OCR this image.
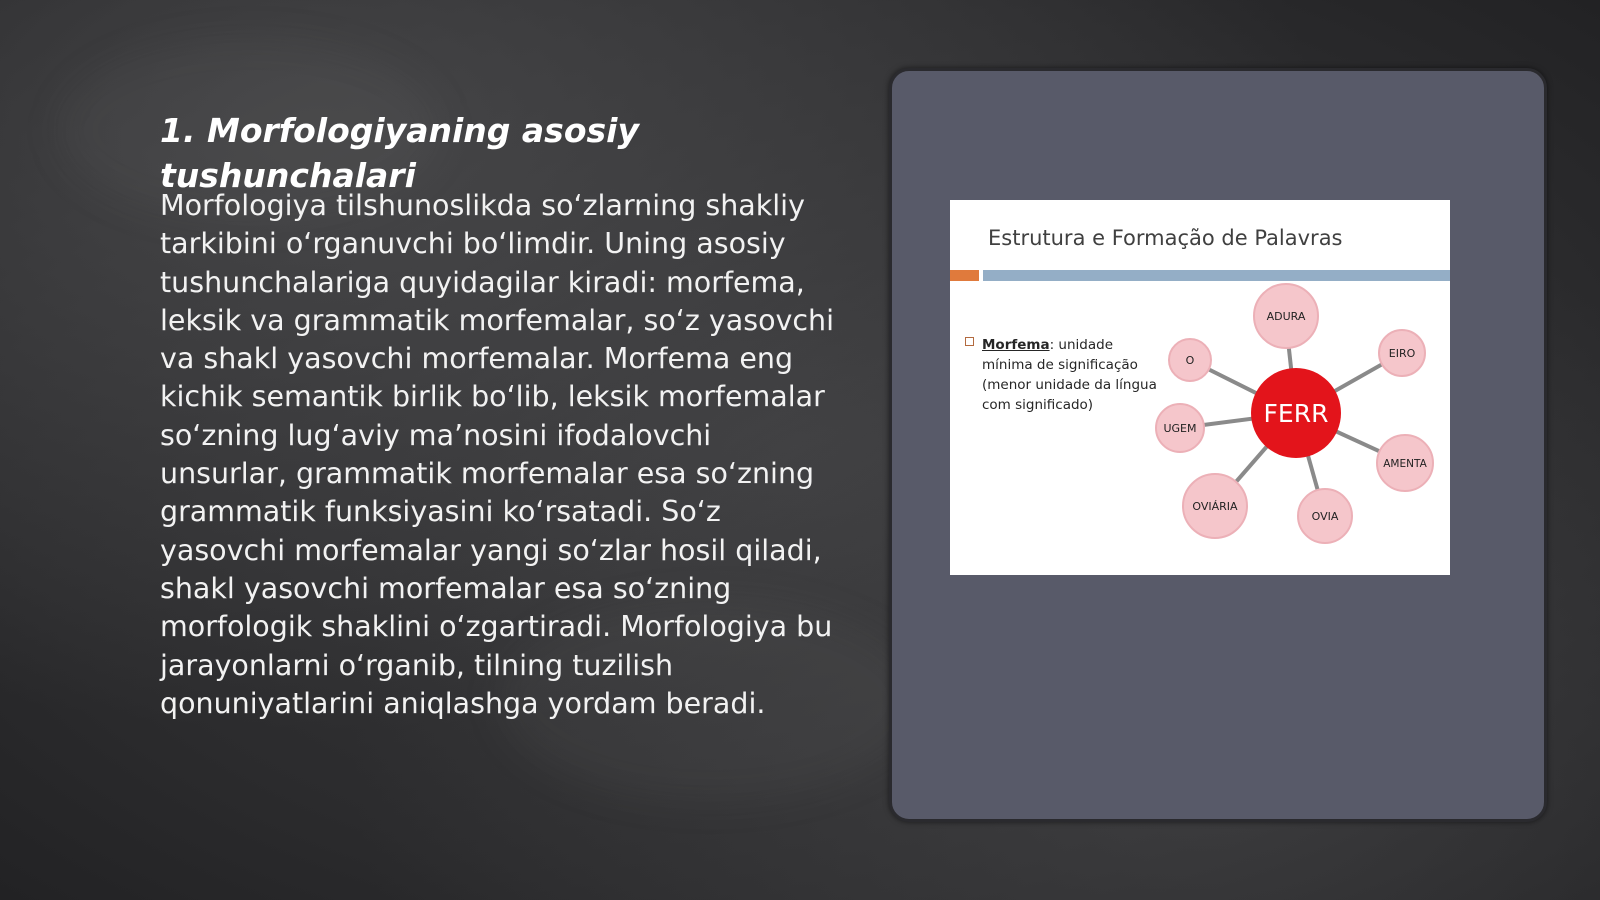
1. Morfologiyaning asosiy tushunchalari

Morfologiya tilshunoslikda so‘zlarning shakliy tarkibini o‘rganuvchi bo‘limdir. Uning asosiy tushunchalariga quyidagilar kiradi: morfema, leksik va grammatik morfemalar, so‘z yasovchi va shakl yasovchi morfemalar. Morfema eng kichik semantik birlik bo‘lib, leksik morfemalar so‘zning lug‘aviy ma’nosini ifodalovchi unsurlar, grammatik morfemalar esa so‘zning grammatik funksiyasini ko‘rsatadi. So‘z yasovchi morfemalar yangi so‘zlar hosil qiladi, shakl yasovchi morfemalar esa so‘zning morfologik shaklini o‘zgartiradi. Morfologiya bu jarayonlarni o‘rganib, tilning tuzilish qonuniyatlarini aniqlashga yordam beradi.

Estrutura e Formação de Palavras

Morfema: unidade mínima de significação (menor unidade da língua com significado)

ADURA
EIRO
AMENTA
OVIA
OVIÁRIA
UGEM
O
FERR
